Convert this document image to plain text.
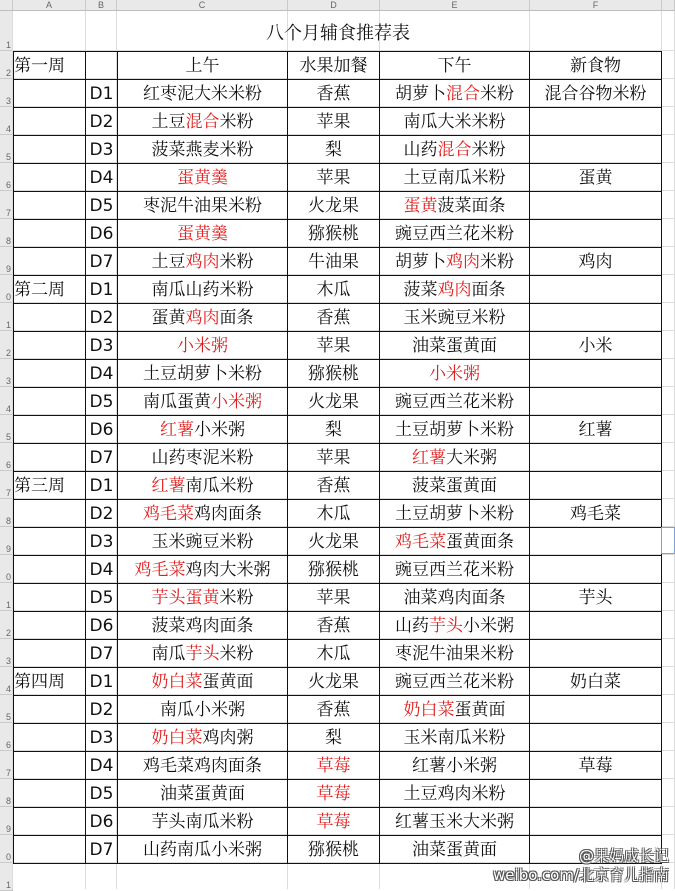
A	B	C	D	E	F
1
2
3
4
5
6
7
8
9
0
1
2
3
4
5
6
7
8
9
0
1
2
3
4
5
6
7
8
9
0
1
八个月辅食推荐表
第一周		上午	水果加餐	下午	新食物
	D1	红枣泥大米米粉	香蕉	胡萝卜混合米粉	混合谷物米粉
	D2	土豆混合米粉	苹果	南瓜大米米粉	
	D3	菠菜燕麦米粉	梨	山药混合米粉	
	D4	蛋黄羹	苹果	土豆南瓜米粉	蛋黄
	D5	枣泥牛油果米粉	火龙果	蛋黄菠菜面条	
	D6	蛋黄羹	猕猴桃	豌豆西兰花米粉	
	D7	土豆鸡肉米粉	牛油果	胡萝卜鸡肉米粉	鸡肉
第二周	D1	南瓜山药米粉	木瓜	菠菜鸡肉面条	
	D2	蛋黄鸡肉面条	香蕉	玉米豌豆米粉	
	D3	小米粥	苹果	油菜蛋黄面	小米
	D4	土豆胡萝卜米粉	猕猴桃	小米粥	
	D5	南瓜蛋黄小米粥	火龙果	豌豆西兰花米粉	
	D6	红薯小米粥	梨	土豆胡萝卜米粉	红薯
	D7	山药枣泥米粉	苹果	红薯大米粥	
第三周	D1	红薯南瓜米粉	香蕉	菠菜蛋黄面	
	D2	鸡毛菜鸡肉面条	木瓜	土豆胡萝卜米粉	鸡毛菜
	D3	玉米豌豆米粉	火龙果	鸡毛菜蛋黄面条	
	D4	鸡毛菜鸡肉大米粥	猕猴桃	豌豆西兰花米粉	
	D5	芋头蛋黄米粉	苹果	油菜鸡肉面条	芋头
	D6	菠菜鸡肉面条	香蕉	山药芋头小米粥	
	D7	南瓜芋头米粉	木瓜	枣泥牛油果米粉	
第四周	D1	奶白菜蛋黄面	火龙果	豌豆西兰花米粉	奶白菜
	D2	南瓜小米粥	香蕉	奶白菜蛋黄面	
	D3	奶白菜鸡肉粥	梨	玉米南瓜米粉	
	D4	鸡毛菜鸡肉面条	草莓	红薯小米粥	草莓
	D5	油菜蛋黄面	草莓	土豆鸡肉米粉	
	D6	芋头南瓜米粉	草莓	红薯玉米大米粥	
	D7	山药南瓜小米粥	猕猴桃	油菜蛋黄面		@果妈成长记
weibo.com/北京育儿指南
